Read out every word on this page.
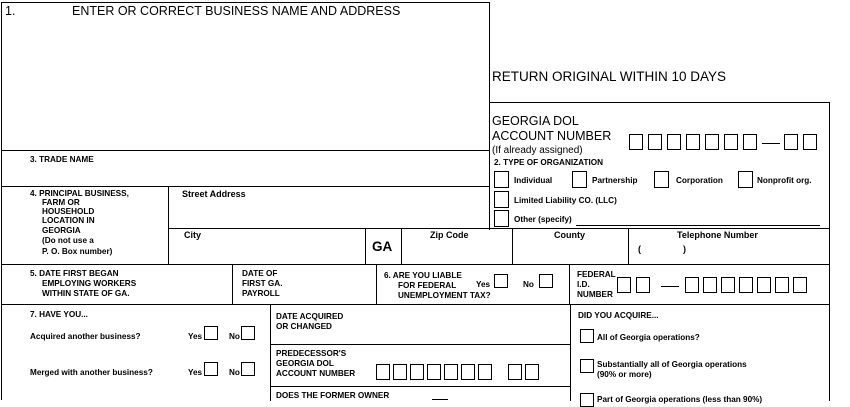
1.	ENTER OR CORRECT BUSINESS NAME AND ADDRESS
RETURN ORIGINAL WITHIN 10 DAYS
GEORGIA DOL
ACCOUNT NUMBER
(If already assigned)
3. TRADE NAME	2. TYPE OF ORGANIZATION
Individual	Partnership	Corporation	Nonprofit org.
Limited Liability CO. (LLC)
Other (specify)
4. PRINCIPAL BUSINESS,
FARM OR
HOUSEHOLD
LOCATION IN
GEORGIA
(Do not use a
P. O. Box number)
Street Address
City
GA
Zip Code	County	Telephone Number
(	)
5. DATE FIRST BEGAN
EMPLOYING WORKERS
WITHIN STATE OF GA.
DATE OF
FIRST GA.
PAYROLL
6. ARE YOU LIABLE
FOR FEDERAL
UNEMPLOYMENT TAX?
Yes	No
FEDERAL
I.D.
NUMBER
7. HAVE YOU...
Acquired another business?	Yes	No
Merged with another business?	Yes	No
DATE ACQUIRED
OR CHANGED
PREDECESSOR'S
GEORGIA DOL
ACCOUNT NUMBER
DOES THE FORMER OWNER
DID YOU ACQUIRE...
All of Georgia operations?
Substantially all of Georgia operations
(90% or more)
Part of Georgia operations (less than 90%)
